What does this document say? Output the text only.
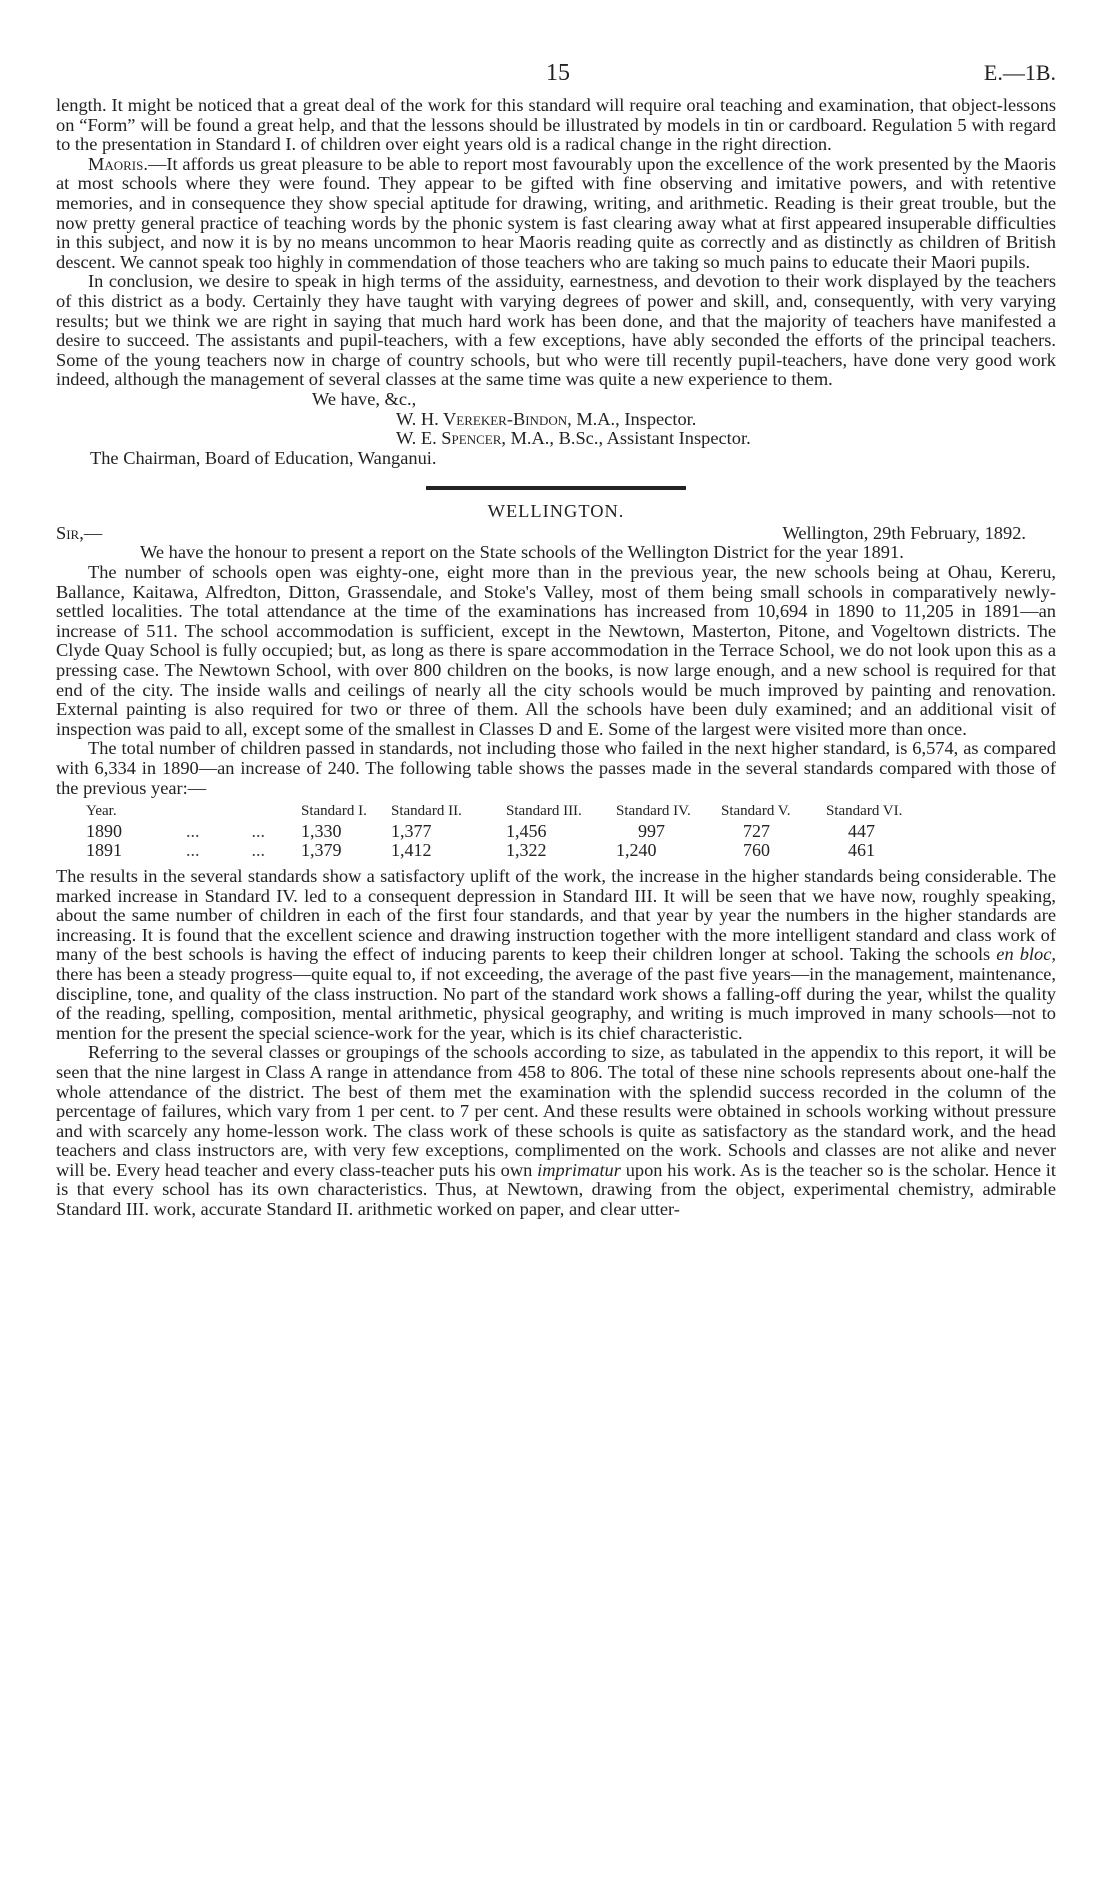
15	E.—1B.

length. It might be noticed that a great deal of the work for this standard will require oral teaching and examination, that object-lessons on “Form” will be found a great help, and that the lessons should be illustrated by models in tin or cardboard. Regulation 5 with regard to the presentation in Standard I. of children over eight years old is a radical change in the right direction.

Maoris.—It affords us great pleasure to be able to report most favourably upon the excellence of the work presented by the Maoris at most schools where they were found. They appear to be gifted with fine observing and imitative powers, and with retentive memories, and in consequence they show special aptitude for drawing, writing, and arithmetic. Reading is their great trouble, but the now pretty general practice of teaching words by the phonic system is fast clearing away what at first appeared insuperable difficulties in this subject, and now it is by no means uncommon to hear Maoris reading quite as correctly and as distinctly as children of British descent. We cannot speak too highly in commendation of those teachers who are taking so much pains to educate their Maori pupils.

In conclusion, we desire to speak in high terms of the assiduity, earnestness, and devotion to their work displayed by the teachers of this district as a body. Certainly they have taught with varying degrees of power and skill, and, consequently, with very varying results; but we think we are right in saying that much hard work has been done, and that the majority of teachers have manifested a desire to succeed. The assistants and pupil-teachers, with a few exceptions, have ably seconded the efforts of the principal teachers. Some of the young teachers now in charge of country schools, but who were till recently pupil-teachers, have done very good work indeed, although the management of several classes at the same time was quite a new experience to them.

We have, &c.,

W. H. Vereker-Bindon, M.A., Inspector.

W. E. Spencer, M.A., B.Sc., Assistant Inspector.

The Chairman, Board of Education, Wanganui.

WELLINGTON.

Sir,—	Wellington, 29th February, 1892.

We have the honour to present a report on the State schools of the Wellington District for the year 1891.

The number of schools open was eighty-one, eight more than in the previous year, the new schools being at Ohau, Kereru, Ballance, Kaitawa, Alfredton, Ditton, Grassendale, and Stoke's Valley, most of them being small schools in comparatively newly-settled localities. The total attendance at the time of the examinations has increased from 10,694 in 1890 to 11,205 in 1891—an increase of 511. The school accommodation is sufficient, except in the Newtown, Masterton, Pitone, and Vogeltown districts. The Clyde Quay School is fully occupied; but, as long as there is spare accommodation in the Terrace School, we do not look upon this as a pressing case. The Newtown School, with over 800 children on the books, is now large enough, and a new school is required for that end of the city. The inside walls and ceilings of nearly all the city schools would be much improved by painting and renovation. External painting is also required for two or three of them. All the schools have been duly examined; and an additional visit of inspection was paid to all, except some of the smallest in Classes D and E. Some of the largest were visited more than once.

The total number of children passed in standards, not including those who failed in the next higher standard, is 6,574, as compared with 6,334 in 1890—an increase of 240. The following table shows the passes made in the several standards compared with those of the previous year:—

Year.		Standard I.	Standard II.	Standard III.	Standard IV.	Standard V.	Standard VI.
1890	... ...	1,330	1,377	1,456	997	727	447
1891	... ...	1,379	1,412	1,322	1,240	760	461

The results in the several standards show a satisfactory uplift of the work, the increase in the higher standards being considerable. The marked increase in Standard IV. led to a consequent depression in Standard III. It will be seen that we have now, roughly speaking, about the same number of children in each of the first four standards, and that year by year the numbers in the higher standards are increasing. It is found that the excellent science and drawing instruction together with the more intelligent standard and class work of many of the best schools is having the effect of inducing parents to keep their children longer at school. Taking the schools en bloc, there has been a steady progress—quite equal to, if not exceeding, the average of the past five years—in the management, maintenance, discipline, tone, and quality of the class instruction. No part of the standard work shows a falling-off during the year, whilst the quality of the reading, spelling, composition, mental arithmetic, physical geography, and writing is much improved in many schools—not to mention for the present the special science-work for the year, which is its chief characteristic.

Referring to the several classes or groupings of the schools according to size, as tabulated in the appendix to this report, it will be seen that the nine largest in Class A range in attendance from 458 to 806. The total of these nine schools represents about one-half the whole attendance of the district. The best of them met the examination with the splendid success recorded in the column of the percentage of failures, which vary from 1 per cent. to 7 per cent. And these results were obtained in schools working without pressure and with scarcely any home-lesson work. The class work of these schools is quite as satisfactory as the standard work, and the head teachers and class instructors are, with very few exceptions, complimented on the work. Schools and classes are not alike and never will be. Every head teacher and every class-teacher puts his own imprimatur upon his work. As is the teacher so is the scholar. Hence it is that every school has its own characteristics. Thus, at Newtown, drawing from the object, experimental chemistry, admirable Standard III. work, accurate Standard II. arithmetic worked on paper, and clear utter-
